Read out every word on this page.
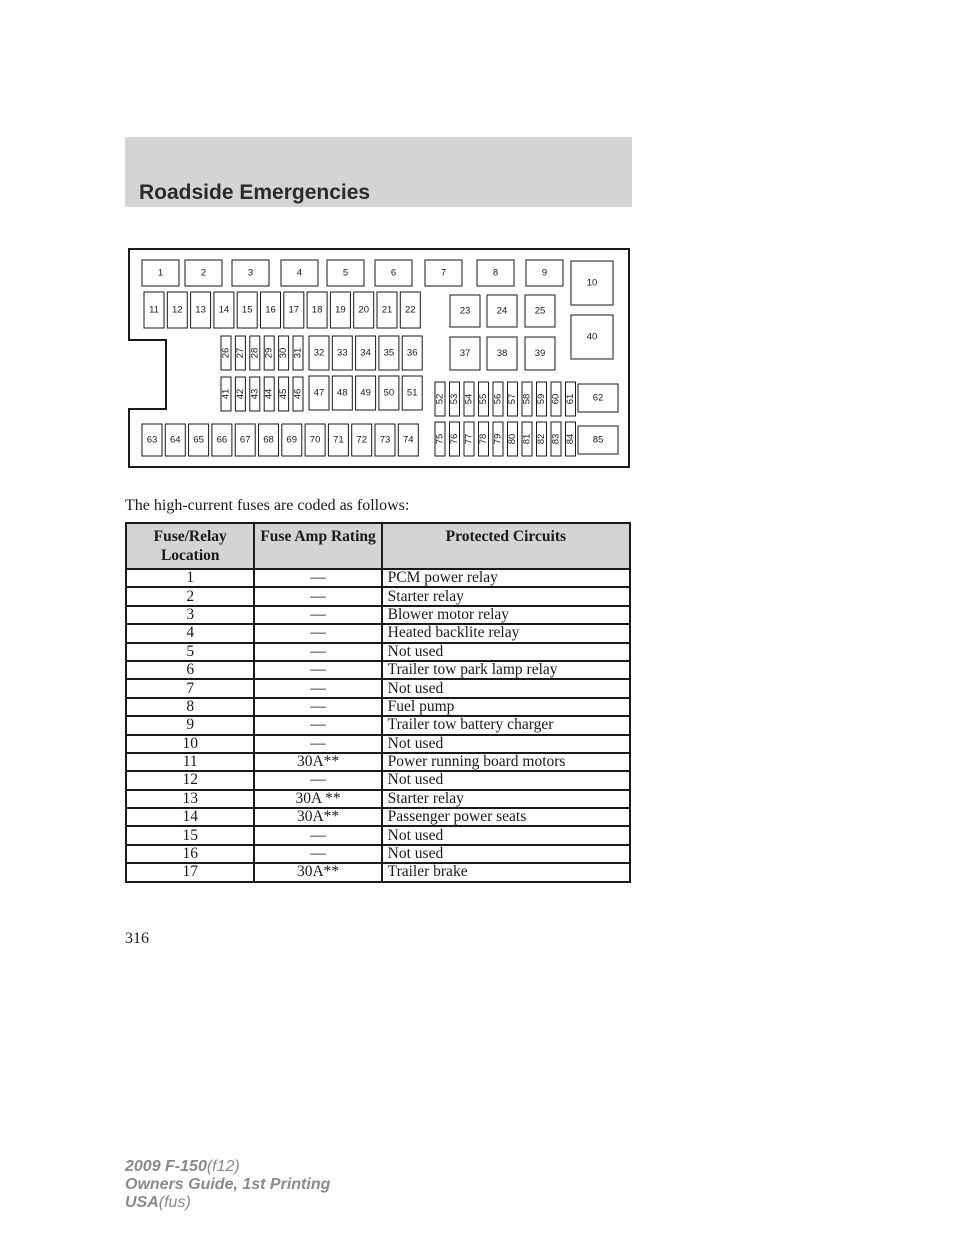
Roadside Emergencies
1	2	3	4	5	6	7	8	9
10
11 12 13 14 15 16 17 18 19 20 21 22	23	24	25
26 27 28 29 30 31
41 42 43 44 45 46
32 33 34 35 36
47 48 49 50 51
37	38	39
40
52 53 54 55 56 57 58 59 60 61
75 76 77 78 79 80 81 82 83 84
62
85
63 64 65 66 67 68 69 70 71 72 73 74
The high-current fuses are coded as follows:
Fuse/Relay Location	Fuse Amp Rating	Protected Circuits
1	—	PCM power relay
2	—	Starter relay
3	—	Blower motor relay
4	—	Heated backlite relay
5	—	Not used
6	—	Trailer tow park lamp relay
7	—	Not used
8	—	Fuel pump
9	—	Trailer tow battery charger
10	—	Not used
11	30A**	Power running board motors
12	—	Not used
13	30A **	Starter relay
14	30A**	Passenger power seats
15	—	Not used
16	—	Not used
17	30A**	Trailer brake
316
2009 F-150(f12)
Owners Guide, 1st Printing
USA(fus)
